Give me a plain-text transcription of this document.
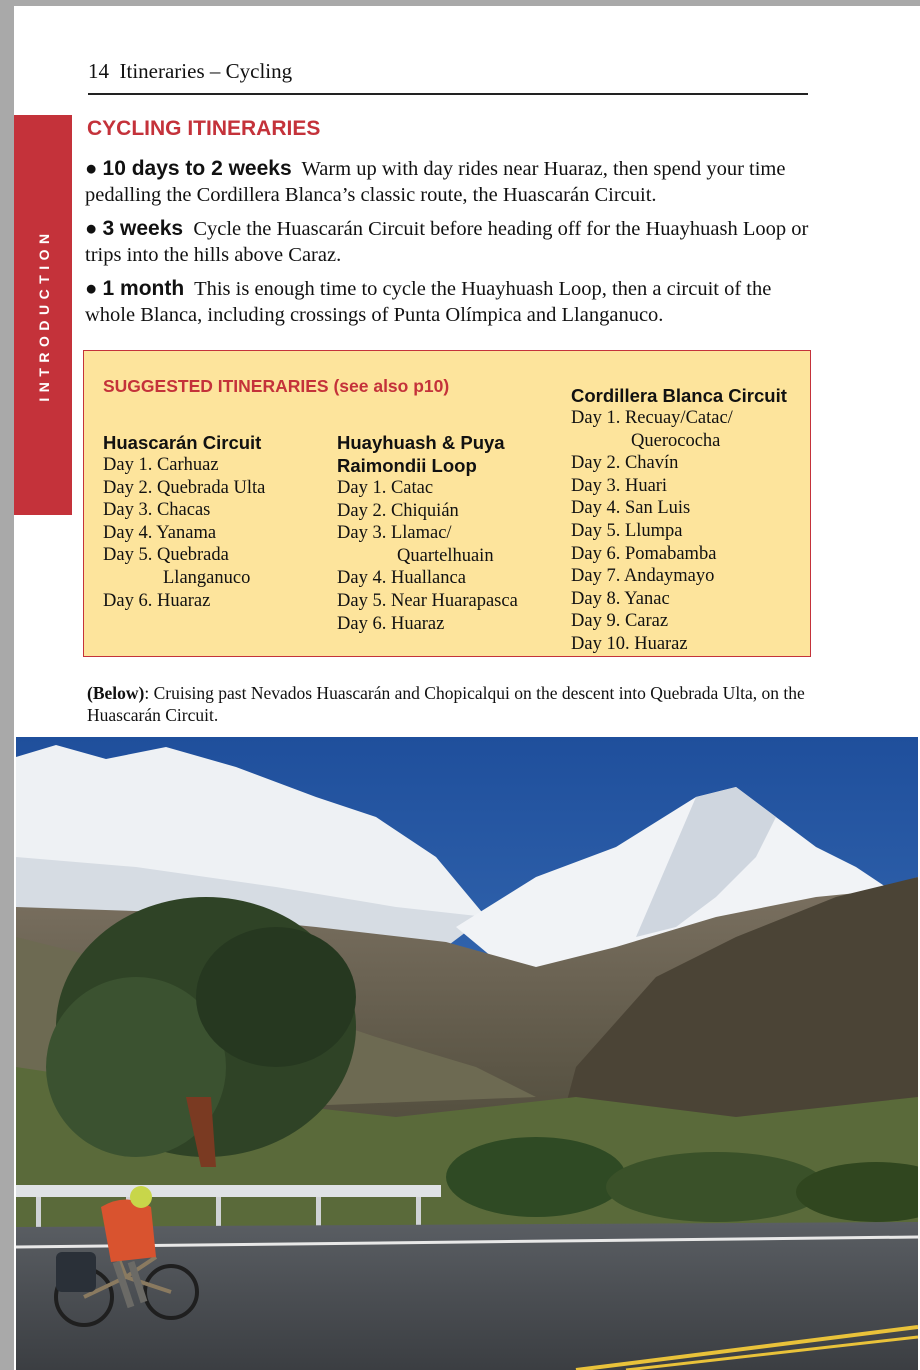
14 Itineraries – Cycling
INTRODUCTION
CYCLING ITINERARIES

● 10 days to 2 weeks Warm up with day rides near Huaraz, then spend your time pedalling the Cordillera Blanca’s classic route, the Huascarán Circuit.

● 3 weeks Cycle the Huascarán Circuit before heading off for the Huayhuash Loop or trips into the hills above Caraz.

● 1 month This is enough time to cycle the Huayhuash Loop, then a circuit of the whole Blanca, including crossings of Punta Olímpica and Llanganuco.

SUGGESTED ITINERARIES (see also p10)
Huascarán Circuit
Day 1. Carhuaz
Day 2. Quebrada Ulta
Day 3. Chacas
Day 4. Yanama
Day 5. Quebrada
Llanganuco
Day 6. Huaraz
Huayhuash & Puya
Raimondii Loop
Day 1. Catac
Day 2. Chiquián
Day 3. Llamac/
Quartelhuain
Day 4. Huallanca
Day 5. Near Huarapasca
Day 6. Huaraz
Cordillera Blanca Circuit
Day 1. Recuay/Catac/
Querococha
Day 2. Chavín
Day 3. Huari
Day 4. San Luis
Day 5. Llumpa
Day 6. Pomabamba
Day 7. Andaymayo
Day 8. Yanac
Day 9. Caraz
Day 10. Huaraz
(Below): Cruising past Nevados Huascarán and Chopicalqui on the descent into Quebrada Ulta, on the Huascarán Circuit.
